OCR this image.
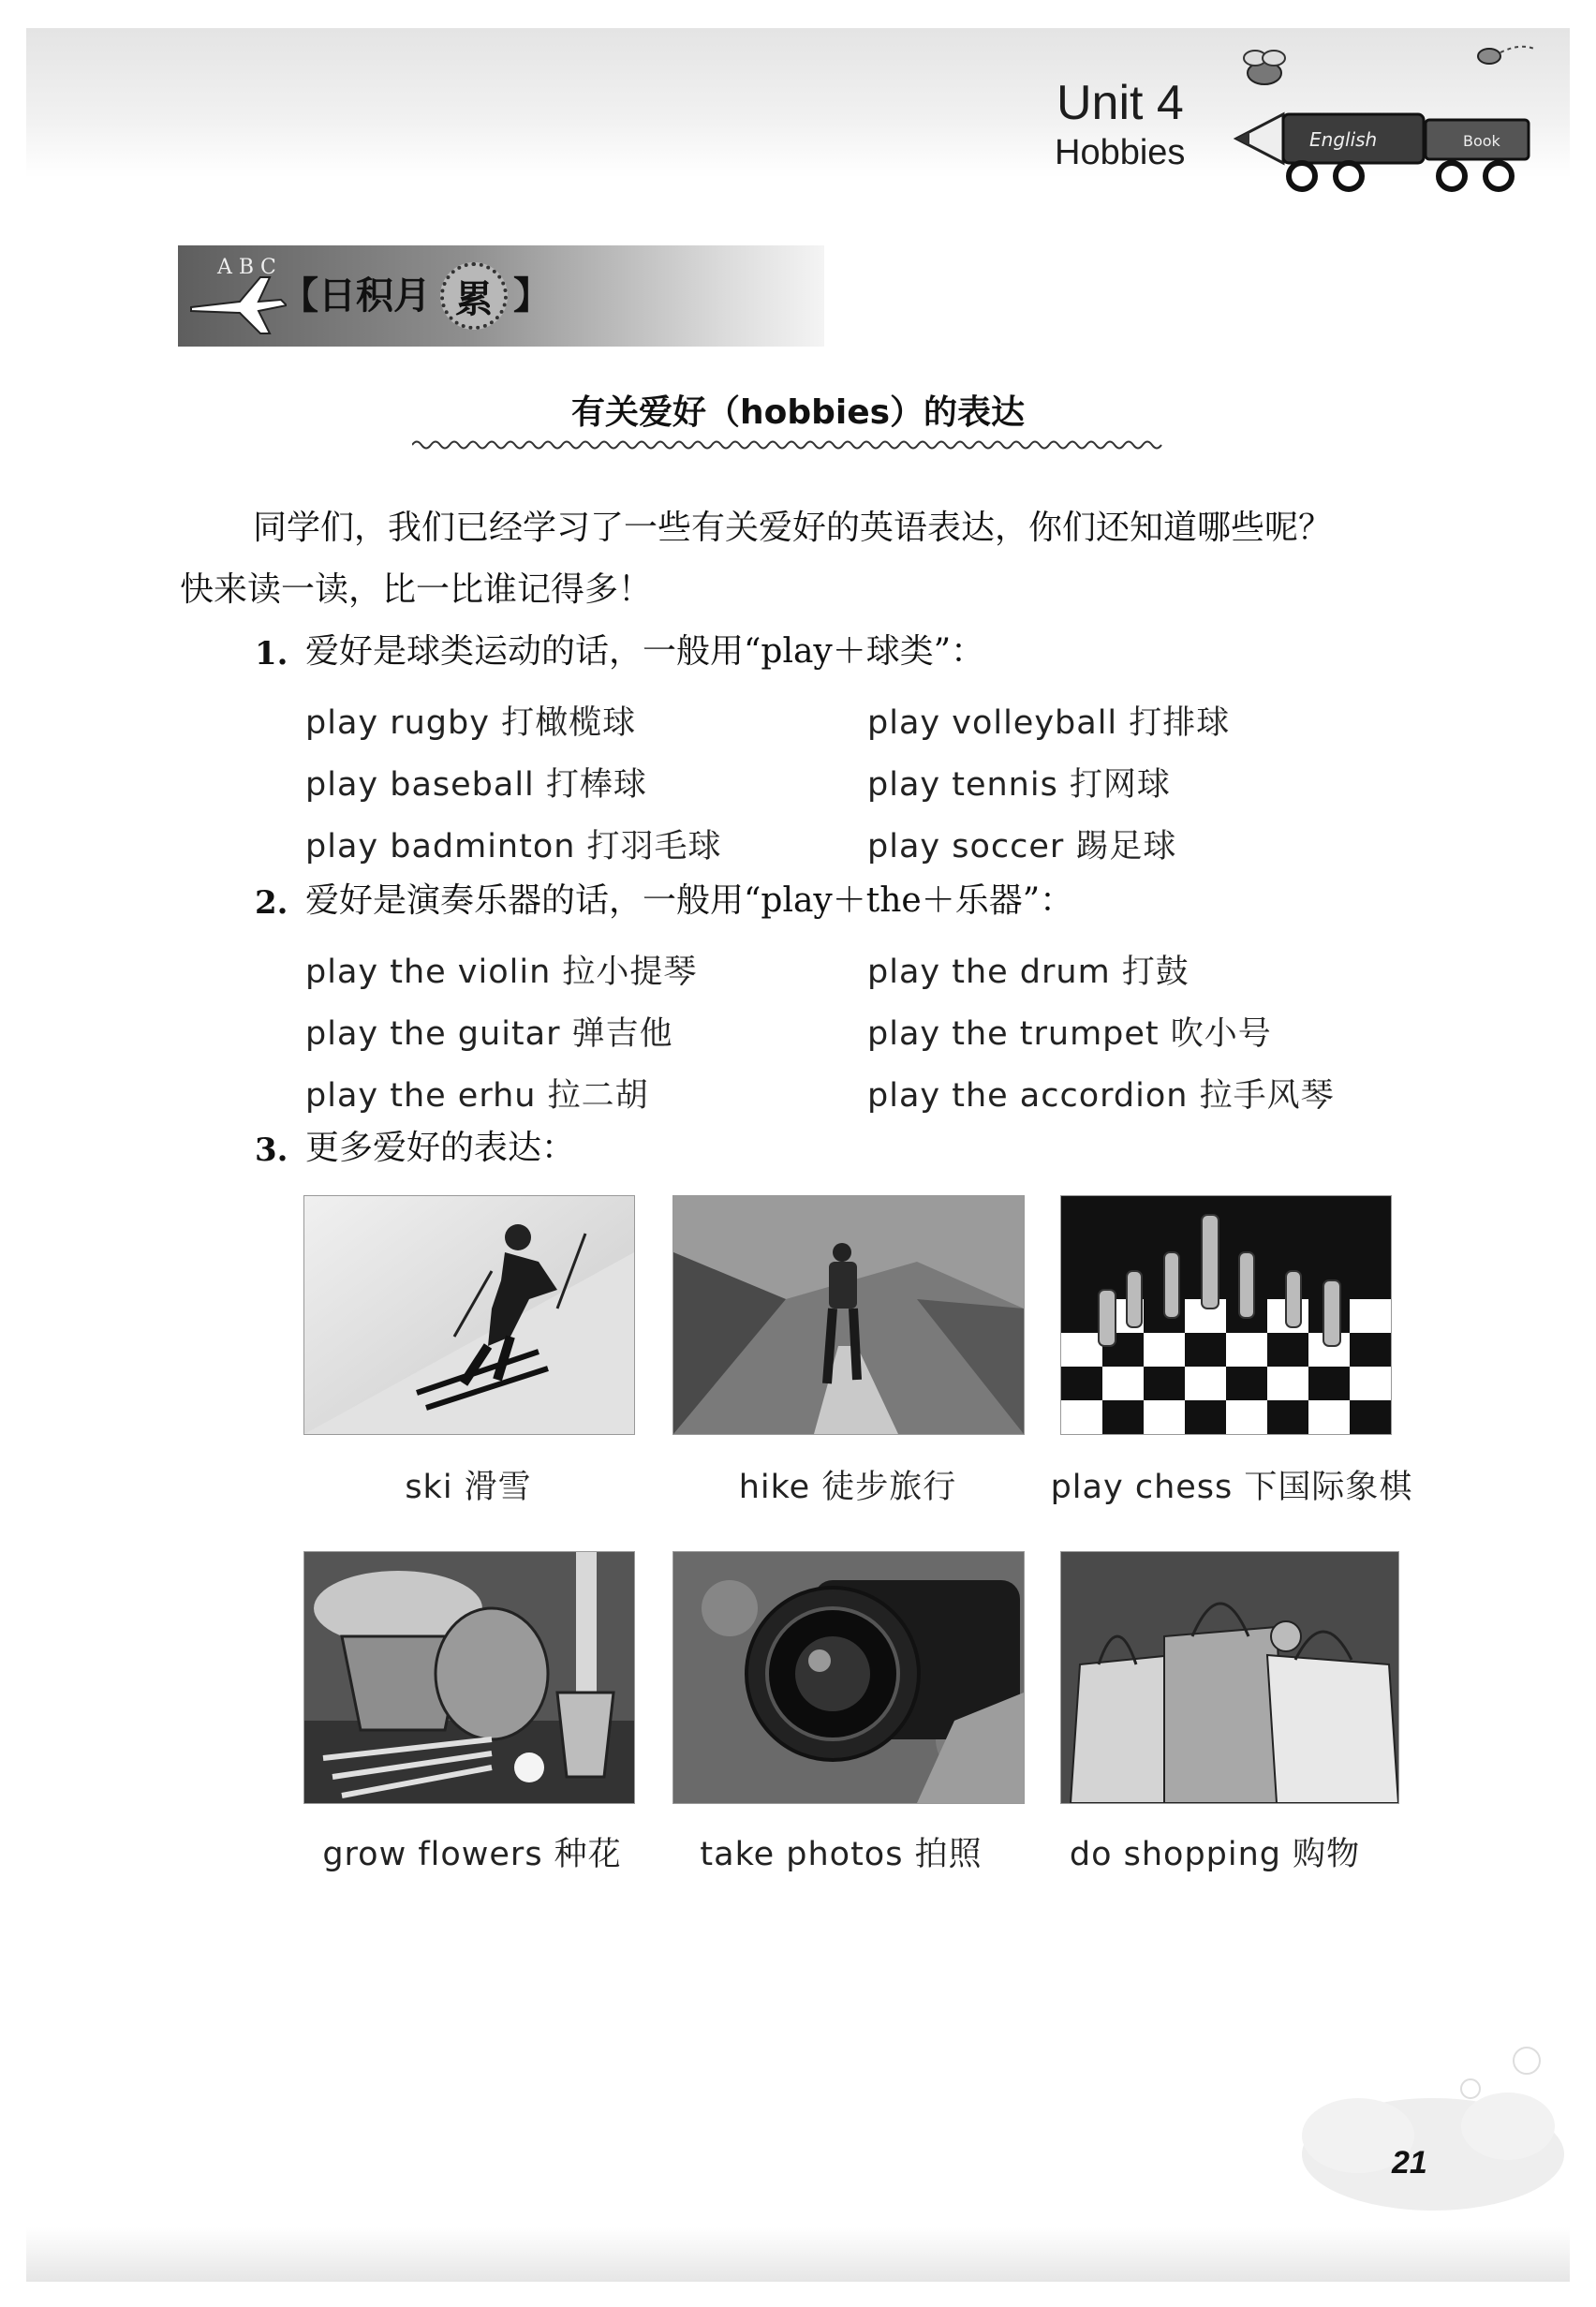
Unit 4
Hobbies	English	Book
A B C
【日积月 累 】
有关爱好（hobbies）的表达
同学们，我们已经学习了一些有关爱好的英语表达，你们还知道哪些呢？
快来读一读，比一比谁记得多！
1. 爱好是球类运动的话，一般用“play＋球类”：
play rugby 打橄榄球	play volleyball 打排球
play baseball 打棒球	play tennis 打网球
play badminton 打羽毛球	play soccer 踢足球
2. 爱好是演奏乐器的话，一般用“play＋the＋乐器”：
play the violin 拉小提琴	play the drum 打鼓
play the guitar 弹吉他	play the trumpet 吹小号
play the erhu 拉二胡	play the accordion 拉手风琴
3. 更多爱好的表达：
ski 滑雪	hike 徒步旅行	play chess 下国际象棋
grow flowers 种花	take photos 拍照	do shopping 购物
21
